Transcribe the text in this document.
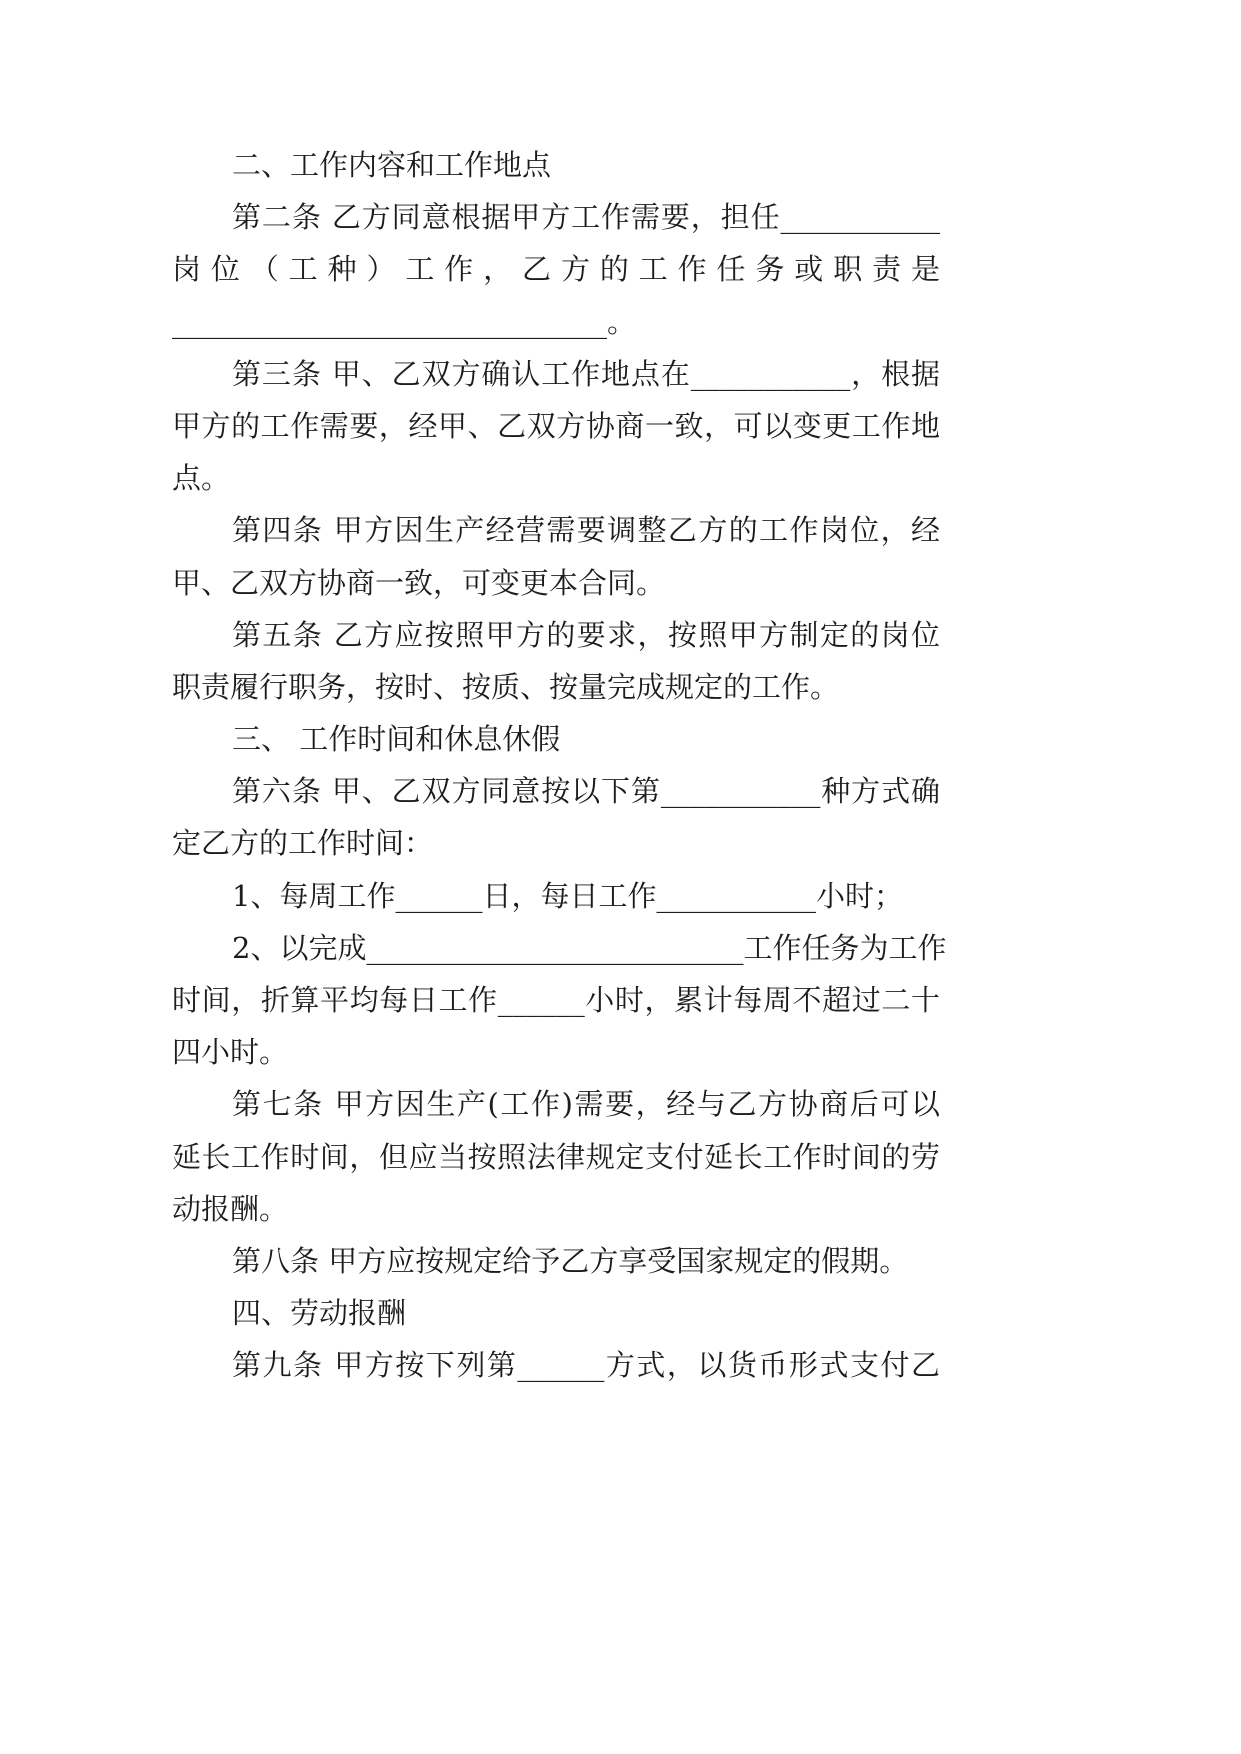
二、工作内容和工作地点
第二条 乙方同意根据甲方工作需要，担任___________
岗位（工种）工作，乙方的工作任务或职责是
______________________________。
第三条 甲、乙双方确认工作地点在___________，根据
甲方的工作需要，经甲、乙双方协商一致，可以变更工作地
点。
第四条 甲方因生产经营需要调整乙方的工作岗位，经
甲、乙双方协商一致，可变更本合同。
第五条 乙方应按照甲方的要求，按照甲方制定的岗位
职责履行职务，按时、按质、按量完成规定的工作。
三、 工作时间和休息休假
第六条 甲、乙双方同意按以下第___________种方式确
定乙方的工作时间：
1、每周工作______日，每日工作___________小时；
2、以完成__________________________工作任务为工作
时间，折算平均每日工作______小时，累计每周不超过二十
四小时。
第七条 甲方因生产(工作)需要，经与乙方协商后可以
延长工作时间，但应当按照法律规定支付延长工作时间的劳
动报酬。
第八条 甲方应按规定给予乙方享受国家规定的假期。
四、劳动报酬
第九条 甲方按下列第______方式，以货币形式支付乙
